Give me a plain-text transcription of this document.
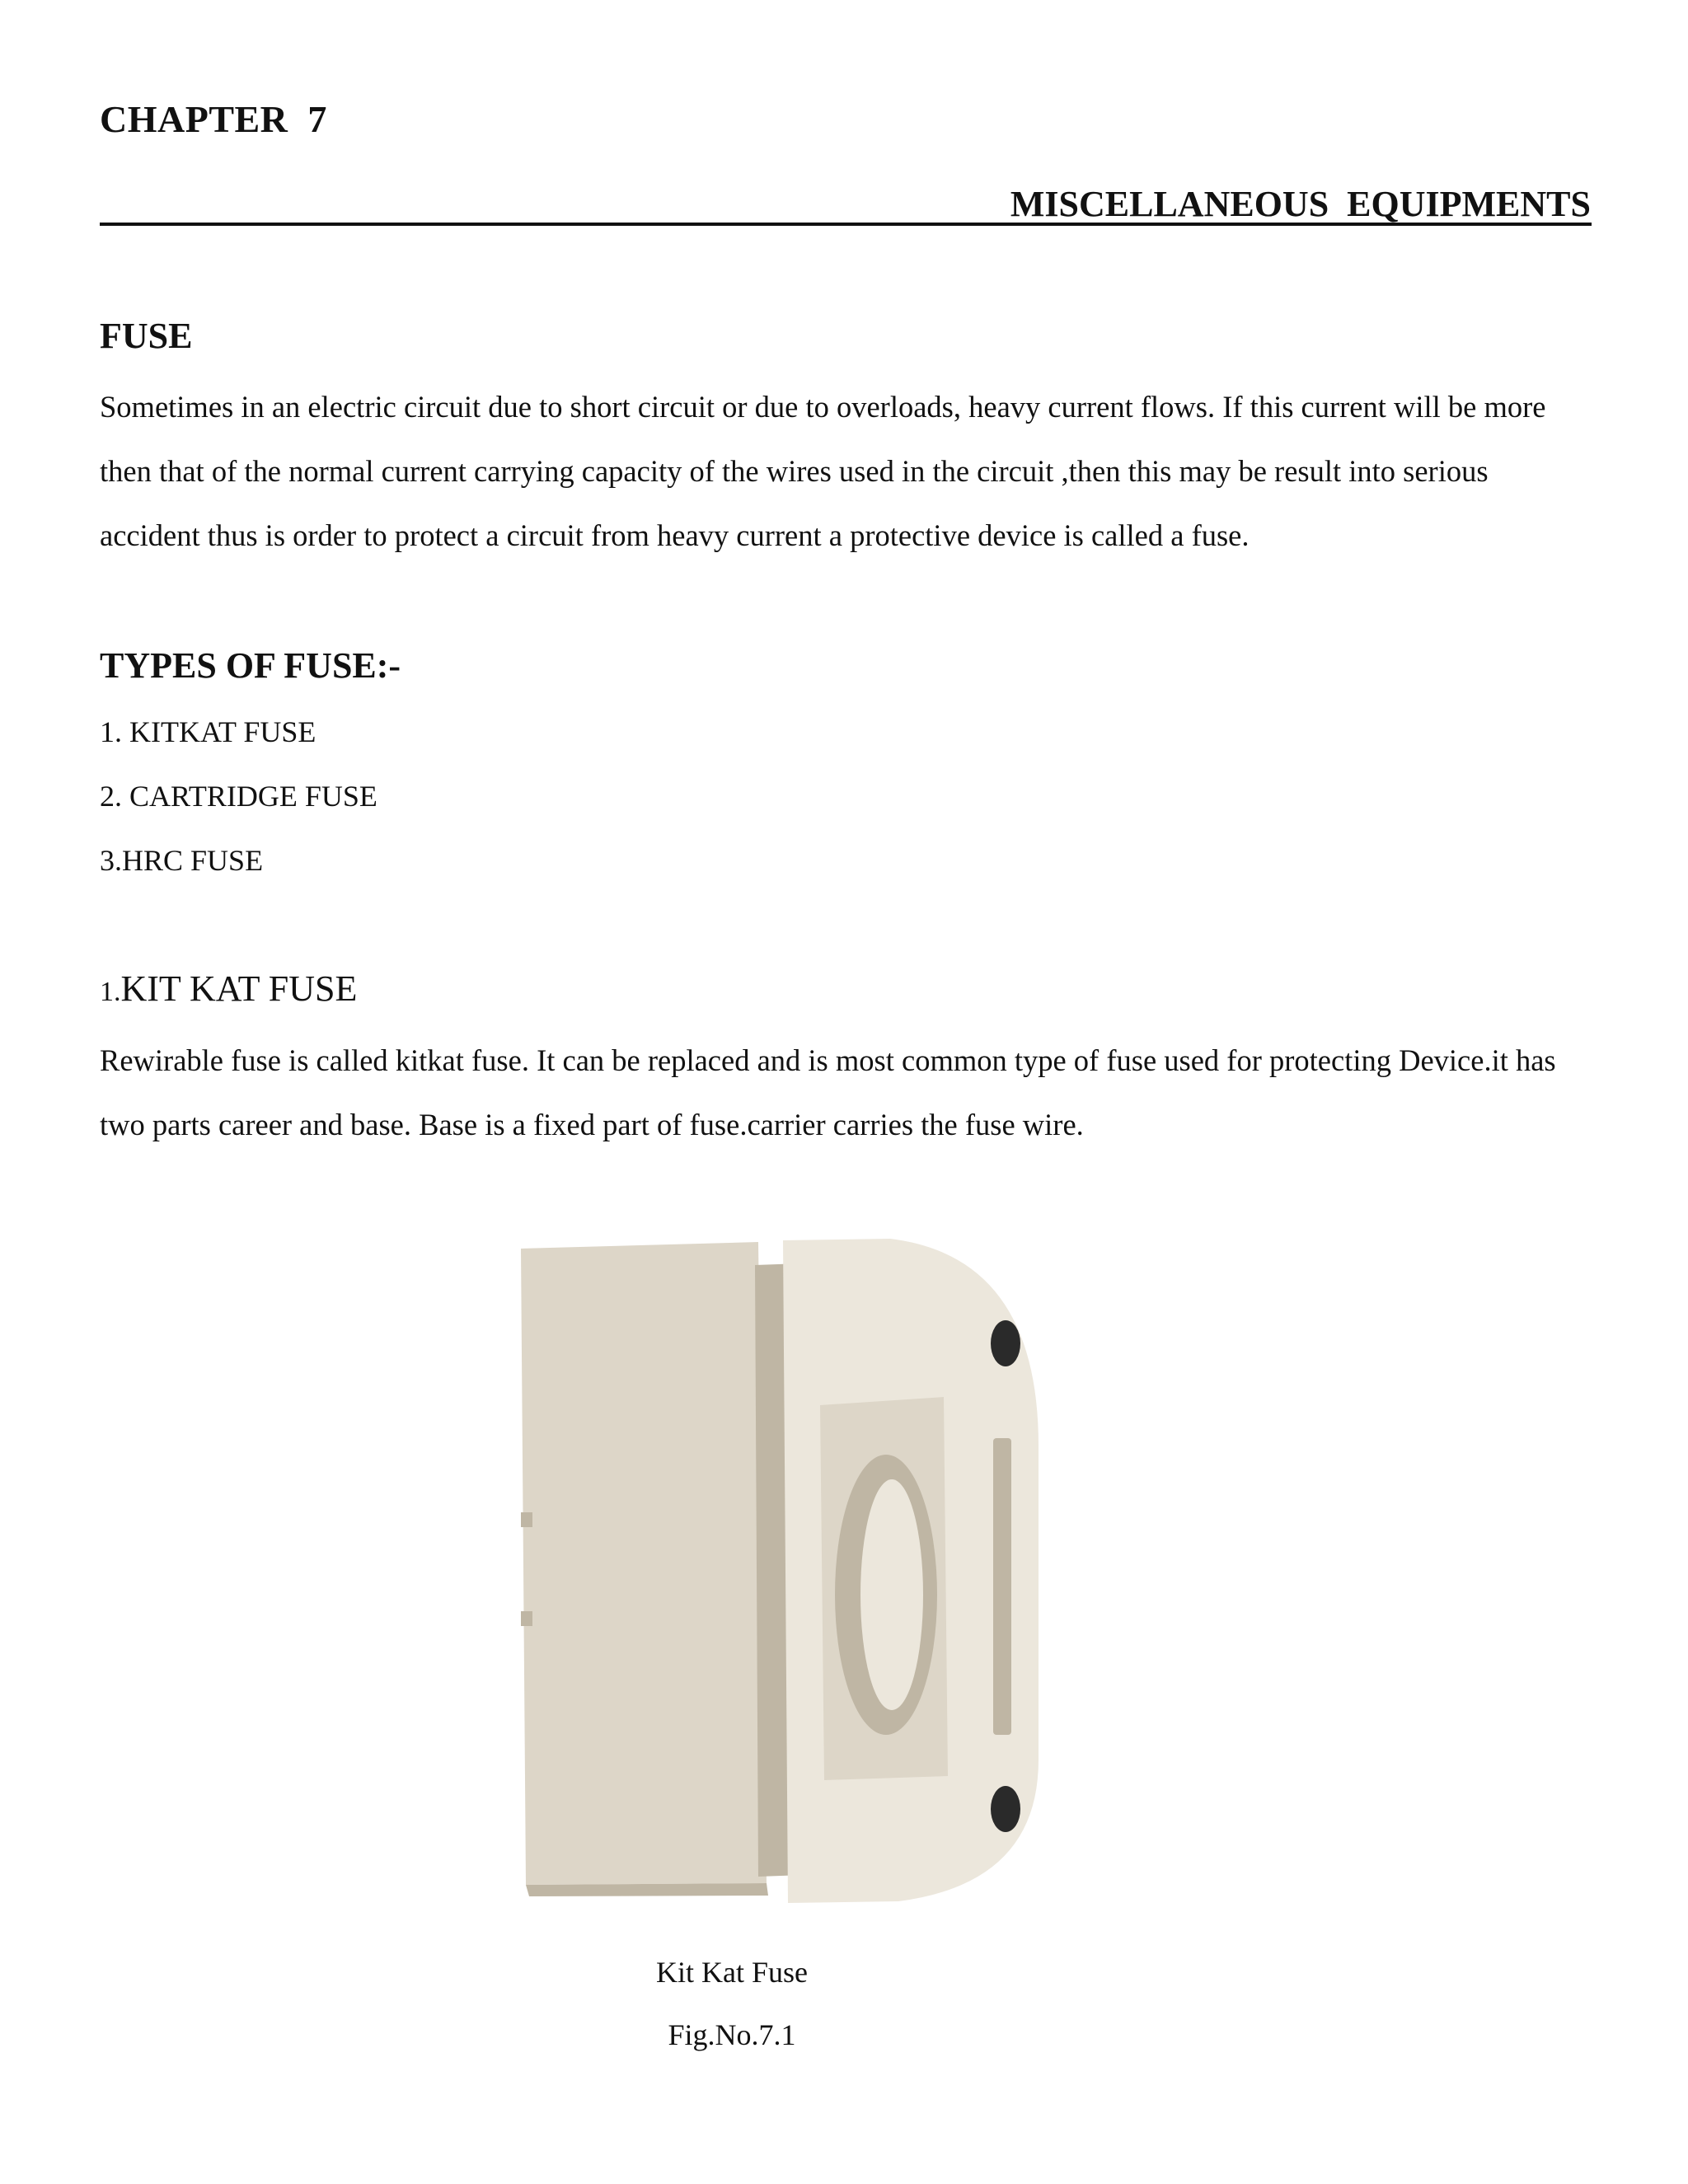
CHAPTER  7
MISCELLANEOUS  EQUIPMENTS
FUSE
Sometimes in an electric circuit due to short circuit or due to overloads, heavy current flows. If this current will be more then that of the normal current carrying capacity of the wires used in the circuit ,then this may be result into serious accident thus is order to protect a circuit from heavy current a protective device is called a fuse.
TYPES OF FUSE:-
1. KITKAT FUSE
2. CARTRIDGE FUSE
3.HRC FUSE
1.KIT KAT FUSE
Rewirable fuse is called kitkat fuse. It can be replaced and is most common type of fuse used for protecting Device.it has two parts career and base. Base is a fixed part of fuse.carrier carries the fuse wire.
Kit Kat Fuse
Fig.No.7.1
